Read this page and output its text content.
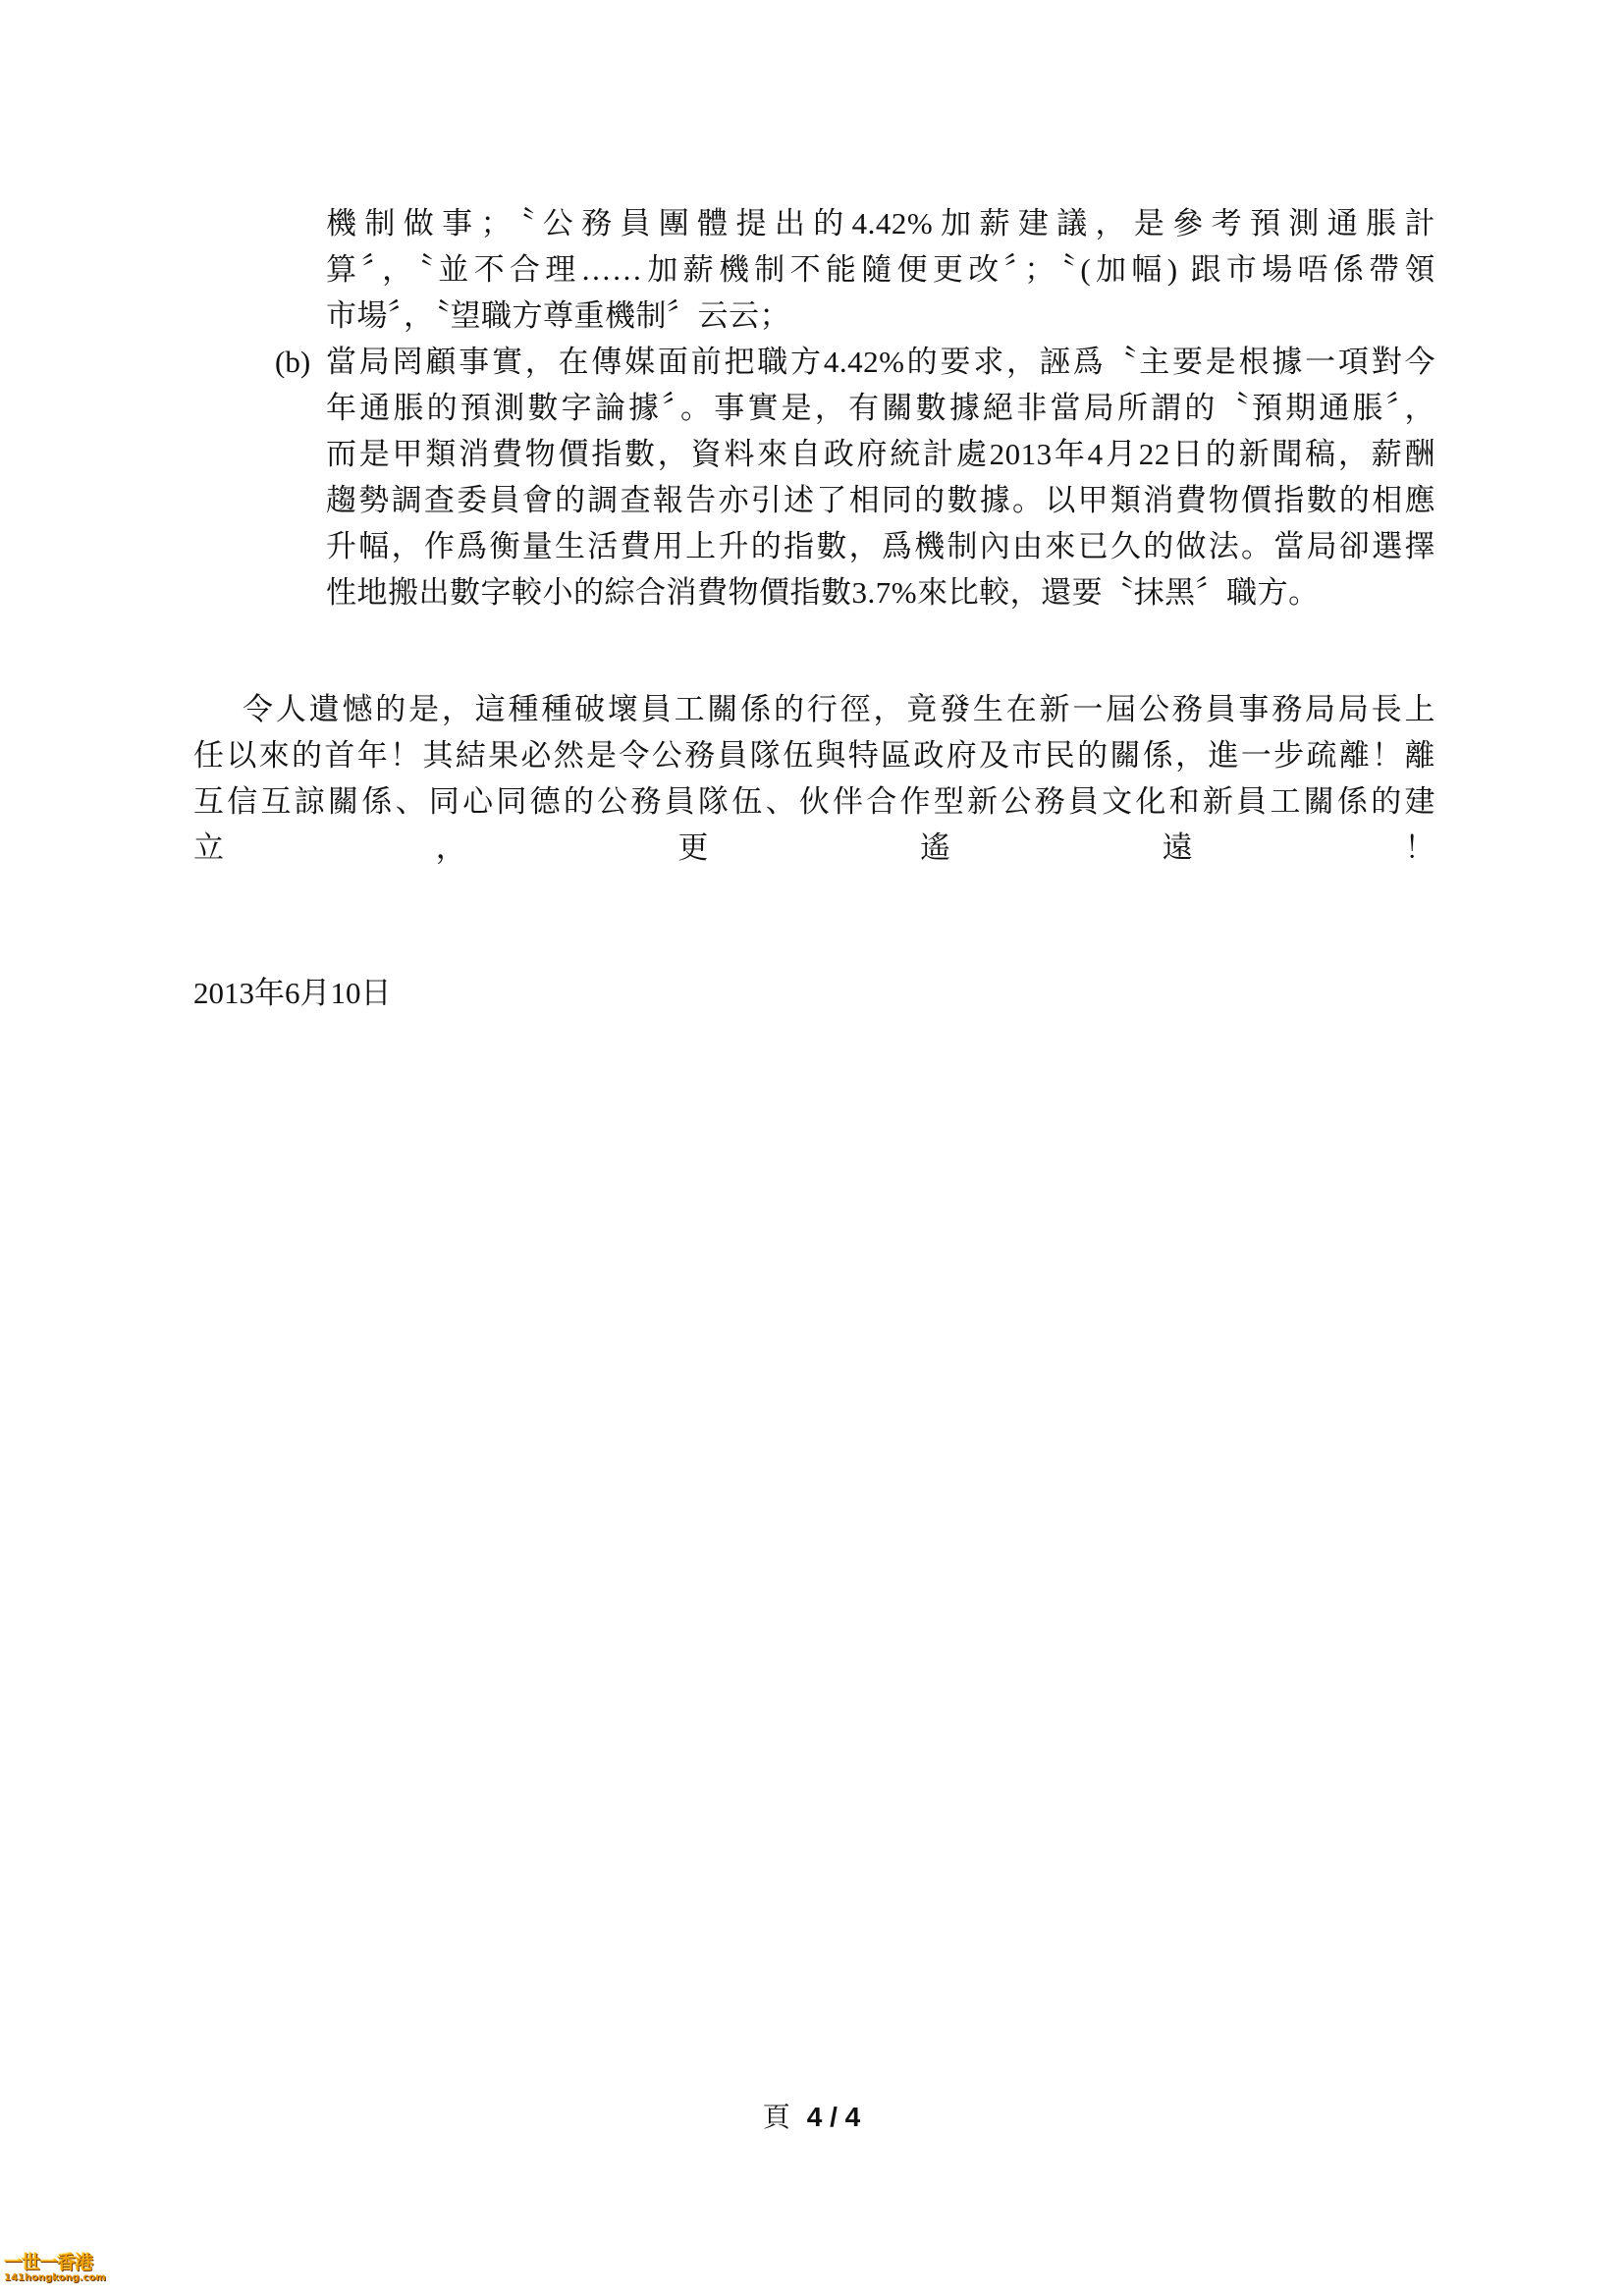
機制做事；〝公務員團體提出的4.42%加薪建議，是參考預測通脹計
算〞，〝並不合理……加薪機制不能隨便更改〞；〝(加幅) 跟市場唔係帶領
市場〞，〝望職方尊重機制〞云云；
(b) 當局罔顧事實，在傳媒面前把職方4.42%的要求，誣爲〝主要是根據一項對今
年通脹的預測數字論據〞。事實是，有關數據絕非當局所謂的〝預期通脹〞，
而是甲類消費物價指數，資料來自政府統計處2013年4月22日的新聞稿，薪酬
趨勢調查委員會的調查報告亦引述了相同的數據。以甲類消費物價指數的相應
升幅，作爲衡量生活費用上升的指數，爲機制內由來已久的做法。當局卻選擇
性地搬出數字較小的綜合消費物價指數3.7%來比較，還要〝抹黑〞職方。
令人遺憾的是，這種種破壞員工關係的行徑，竟發生在新一屆公務員事務局局長上
任以來的首年！其結果必然是令公務員隊伍與特區政府及市民的關係，進一步疏離！離
互信互諒關係、同心同德的公務員隊伍、伙伴合作型新公務員文化和新員工關係的建
立，更遙遠！
2013年6月10日
頁 4 / 4
一世一香港
141hongkong.com
